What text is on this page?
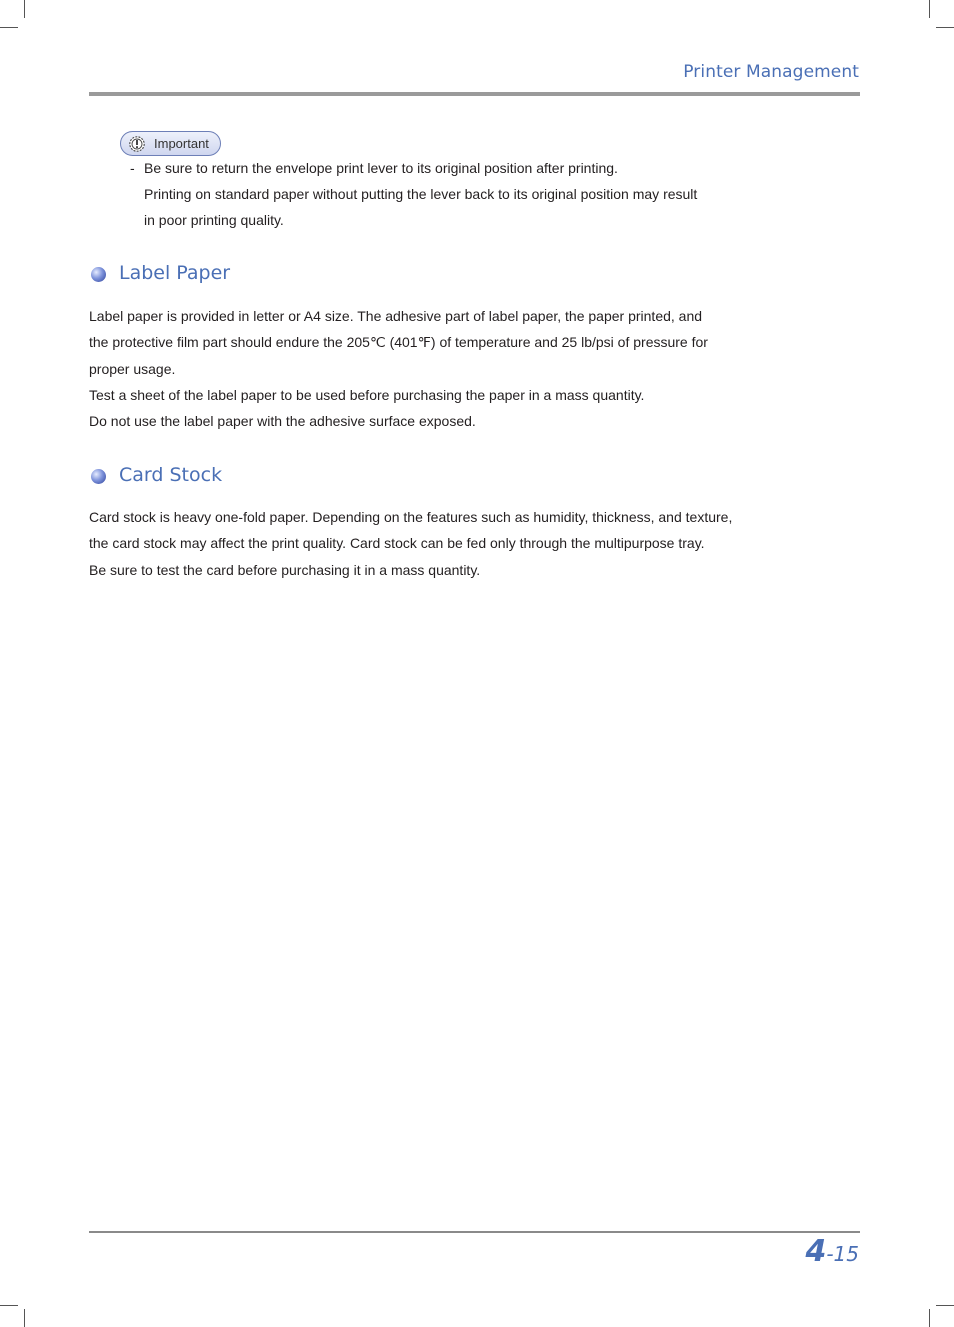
Printer Management
Important
- Be sure to return the envelope print lever to its original position after printing.
Printing on standard paper without putting the lever back to its original position may result
in poor printing quality.
Label Paper
Label paper is provided in letter or A4 size. The adhesive part of label paper, the paper printed, and
the protective film part should endure the 205℃ (401℉) of temperature and 25 lb/psi of pressure for
proper usage.
Test a sheet of the label paper to be used before purchasing the paper in a mass quantity.
Do not use the label paper with the adhesive surface exposed.
Card Stock
Card stock is heavy one-fold paper. Depending on the features such as humidity, thickness, and texture,
the card stock may affect the print quality. Card stock can be fed only through the multipurpose tray.
Be sure to test the card before purchasing it in a mass quantity.
4-15
